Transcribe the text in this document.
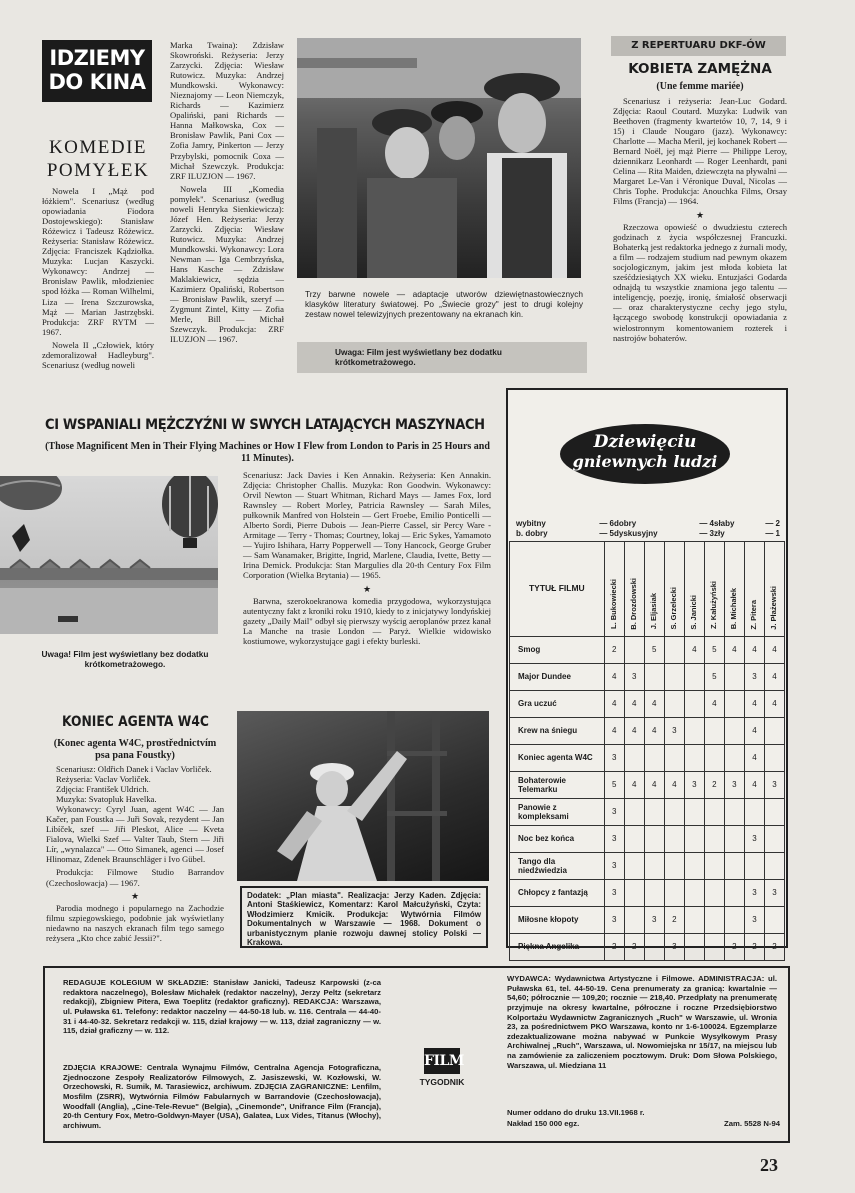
IDZIEMY
DO KINA
KOMEDIE
POMYŁEK

Nowela I „Mąż pod łóżkiem". Scenariusz (według opowiadania Fiodora Dostojewskiego): Stanisław Różewicz i Tadeusz Różewicz. Reżyseria: Stanisław Różewicz. Zdjęcia: Franciszek Kądziołka. Muzyka: Lucjan Kaszycki. Wykonawcy: Andrzej — Bronisław Pawlik, młodzieniec spod łóżka — Roman Wilhelmi, Liza — Irena Szczurowska, Mąż — Marian Jastrzębski. Produkcja: ZRF RYTM — 1967.

Nowela II „Człowiek, który zdemoralizował Hadleyburg". Scenariusz (według noweli

Marka Twaina): Zdzisław Skowroński. Reżyseria: Jerzy Zarzycki. Zdjęcia: Wiesław Rutowicz. Muzyka: Andrzej Mundkowski. Wykonawcy: Nieznajomy — Leon Niemczyk, Richards — Kazimierz Opaliński, pani Richards — Hanna Małkowska, Cox — Bronisław Pawlik, Pani Cox — Zofia Jamry, Pinkerton — Jerzy Przybylski, pomocnik Coxa — Michał Szewczyk. Produkcja: ZRF ILUZJON — 1967.

Nowela III „Komedia pomyłek". Scenariusz (według noweli Henryka Sienkiewicza): Józef Hen. Reżyseria: Jerzy Zarzycki. Zdjęcia: Wiesław Rutowicz. Muzyka: Andrzej Mundkowski. Wykonawcy: Lora Newman — Iga Cembrzyńska, Hans Kasche — Zdzisław Maklakiewicz, sędzia — Kazimierz Opaliński, Robertson — Bronisław Pawlik, szeryf — Zygmunt Zintel, Kitty — Zofia Merle, Bill — Michał Szewczyk. Produkcja: ZRF ILUZJON — 1967.

Trzy barwne nowele — adaptacje utworów dziewiętnastowiecznych klasyków literatury światowej. Po „Świecie grozy" jest to drugi kolejny zestaw nowel telewizyjnych prezentowany na ekranach kin.
Uwaga: Film jest wyświetlany bez dodatku krótkometrażowego.
Z REPERTUARU DKF-ÓW
KOBIETA ZAMĘŻNA
(Une femme mariée)

Scenariusz i reżyseria: Jean-Luc Godard. Zdjęcia: Raoul Coutard. Muzyka: Ludwik van Beethoven (fragmenty kwartetów 10, 7, 14, 9 i 15) i Claude Nougaro (jazz). Wykonawcy: Charlotte — Macha Meril, jej kochanek Robert — Bernard Noël, jej mąż Pierre — Philippe Leroy, dziennikarz Leonhardt — Roger Leenhardt, pani Celina — Rita Maiden, dziewczęta na pływalni — Margaret Le-Van i Véronique Duval, Nicolas — Chris Tophe. Produkcja: Anouchka Films, Orsay Films (Francja) — 1964.

★

Rzeczowa opowieść o dwudziestu czterech godzinach z życia współczesnej Francuzki. Bohaterką jest redaktorka jednego z żurnali mody, a film — rodzajem studium nad pewnym okazem socjologicznym, jakim jest młoda kobieta lat sześćdziesiątych XX wieku. Entuzjaści Godarda odnajdą tu wszystkie znamiona jego talentu — inteligencję, poezję, ironię, śmiałość obserwacji — oraz charakterystyczne cechy jego stylu, łączącego swobodę konstrukcji opowiadania z wielostronnym komentowaniem rozterek i nastrojów bohaterów.

CI WSPANIALI MĘŻCZYŹNI W SWYCH LATAJĄCYCH MASZYNACH
(Those Magnificent Men in Their Flying Machines or How I Flew from London to Paris in 25 Hours and 11 Minutes).
Uwaga! Film jest wyświetlany bez dodatku krótkometrażowego.

Scenariusz: Jack Davies i Ken Annakin. Reżyseria: Ken Annakin. Zdjęcia: Christopher Challis. Muzyka: Ron Goodwin. Wykonawcy: Orvil Newton — Stuart Whitman, Richard Mays — James Fox, lord Rawnsley — Robert Morley, Patricia Rawnsley — Sarah Miles, pułkownik Manfred von Holstein — Gert Froebe, Emilio Ponticelli — Alberto Sordi, Pierre Dubois — Jean-Pierre Cassel, sir Percy Ware - Armitage — Terry - Thomas; Courtney, lokaj — Eric Sykes, Yamamoto — Yujiro Ishihara, Harry Popperwell — Tony Hancock, George Gruber — Sam Wanamaker, Brigitte, Ingrid, Marlene, Claudia, Ivette, Betty — Irina Demick. Produkcja: Stan Margulies dla 20-th Century Fox Film Corporation (Wielka Brytania) — 1965.

★

Barwna, szerokoekranowa komedia przygodowa, wykorzystująca autentyczny fakt z kroniki roku 1910, kiedy to z inicjatywy londyńskiej gazety „Daily Mail" odbył się pierwszy wyścig aeroplanów przez kanał La Manche na trasie London — Paryż. Wielkie widowisko kostiumowe, wykorzystujące gagi i efekty burleski.

KONIEC AGENTA W4C
(Konec agenta W4C, prostřednictvím psa pana Foustky)

Scenariusz: Oldřich Danek i Vaclav Vorliček.

Reżyseria: Vaclav Vorliček.

Zdjęcia: František Uldrich.

Muzyka: Svatopluk Havelka.

Wykonawcy: Cyryl Juan, agent W4C — Jan Kačer, pan Foustka — Juři Sovak, rezydent — Jan Libíček, szef — Jiři Pleskot, Alice — Kveta Fialova, Wielki Szef — Valter Taub, Stern — Jiři Lír, „wynalazca" — Otto Simanek, agenci — Josef Hlinomaz, Zdenek Braunschläger i Ivo Gübel.

Produkcja: Filmowe Studio Barrandov (Czechosłowacja) — 1967.

★

Parodia modnego i popularnego na Zachodzie filmu szpiegowskiego, podobnie jak wyświetlany niedawno na naszych ekranach film tego samego reżysera „Kto chce zabić Jessii?".

Dodatek: „Plan miasta". Realizacja: Jerzy Kaden. Zdjęcia: Antoni Staśkiewicz, Komentarz: Karol Małcużyński, Czyta: Włodzimierz Kmicik. Produkcja: Wytwórnia Filmów Dokumentalnych w Warszawie — 1968. Dokument o urbanistycznym planie rozwoju dawnej stolicy Polski — Krakowa.
Dziewięciu
gniewnych ludzi
wybitny	— 6 dobry	— 4 słaby	— 2
b. dobry	— 5 dyskusyjny	— 3 zły	— 1
TYTUŁ FILMU	L. Bukowiecki	B. Drozdowski	J. Eljasiak	S. Grzelecki	S. Janicki	Z. Kałużyński	B. Michałek	Z. Pitera	J. Płażewski
Smog	2		5		4	5	4	4	4
Major Dundee	4	3				5		3	4
Gra uczuć	4	4	4			4		4	4
Krew na śniegu	4	4	4	3				4	
Koniec agenta W4C	3							4	
Bohaterowie Telemarku	5	4	4	4	3	2	3	4	3
Panowie z kompleksami	3								
Noc bez końca	3							3	
Tango dla niedźwiedzia	3								
Chłopcy z fantazją	3							3	3
Miłosne kłopoty	3		3	2				3	
Piękna Angelika	2	2		3			2	2	2
REDAGUJE KOLEGIUM W SKŁADZIE: Stanisław Janicki, Tadeusz Karpowski (z-ca redaktora naczelnego), Bolesław Michałek (redaktor naczelny), Jerzy Peltz (sekretarz redakcji), Zbigniew Pitera, Ewa Toeplitz (redaktor graficzny). REDAKCJA: Warszawa, ul. Puławska 61. Telefony: redaktor naczelny — 44-50-18 lub. w. 116. Centrala — 44-40-31 i 44-40-32. Sekretarz redakcji w. 115, dział krajowy — w. 113, dział zagraniczny — w. 115, dział graficzny — w. 112.
ZDJĘCIA KRAJOWE: Centrala Wynajmu Filmów, Centralna Agencja Fotograficzna, Zjednoczone Zespoły Realizatorów Filmowych, Z. Jasiszewski, W. Kozłowski, W. Orzechowski, R. Sumik, M. Tarasiewicz, archiwum. ZDJĘCIA ZAGRANICZNE: Lenfilm, Mosfilm (ZSRR), Wytwórnia Filmów Fabularnych w Barrandovie (Czechosłowacja), Woodfall (Anglia), „Cine-Tele-Revue" (Belgia), „Cinemonde", Unifrance Film (Francja), 20-th Century Fox, Metro-Goldwyn-Mayer (USA), Galatea, Lux Vides, Titanus (Włochy), archiwum.
FILM
TYGODNIK
WYDAWCA: Wydawnictwa Artystyczne i Filmowe. ADMINISTRACJA: ul. Puławska 61, tel. 44-50-19. Cena prenumeraty za granicą: kwartalnie — 54,60; półrocznie — 109,20; rocznie — 218,40. Przedpłaty na prenumeratę przyjmuje na okresy kwartalne, półroczne i roczne Przedsiębiorstwo Kolportażu Wydawnictw Zagranicznych „Ruch" w Warszawie, ul. Wronia 23, za pośrednictwem PKO Warszawa, konto nr 1-6-100024. Egzemplarze zdezaktualizowane można nabywać w Punkcie Wysyłkowym Prasy Archiwalnej „Ruch", Warszawa, ul. Nowomiejska nr 15/17, na miejscu lub na zamówienie za zaliczeniem pocztowym. Druk: Dom Słowa Polskiego, Warszawa, ul. Miedziana 11
Numer oddano do druku 13.VII.1968 r.
Nakład 150 000 egz.	Zam. 5528 N-94
23
